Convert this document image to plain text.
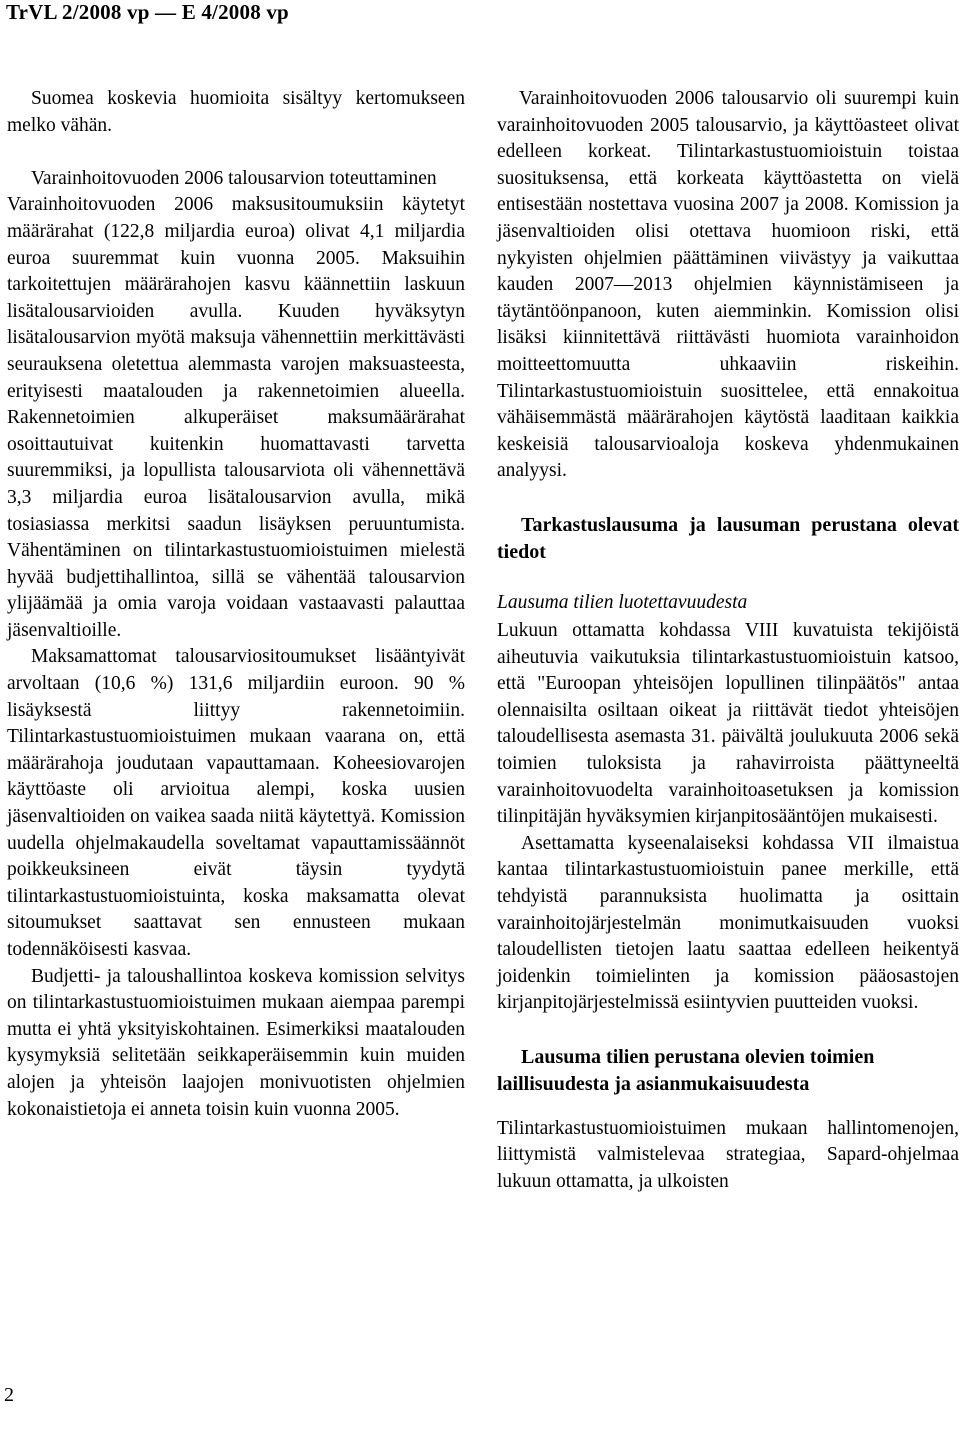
TrVL 2/2008 vp — E 4/2008 vp

Suomea koskevia huomioita sisältyy kertomukseen melko vähän.

Varainhoitovuoden 2006 talousarvion toteuttaminen

Varainhoitovuoden 2006 maksusitoumuksiin käytetyt määrärahat (122,8 miljardia euroa) olivat 4,1 miljardia euroa suuremmat kuin vuonna 2005. Maksuihin tarkoitettujen määrärahojen kasvu käännettiin laskuun lisätalousarvioiden avulla. Kuuden hyväksytyn lisätalousarvion myötä maksuja vähennettiin merkittävästi seurauksena oletettua alemmasta varojen maksuasteesta, erityisesti maatalouden ja rakennetoimien alueella. Rakennetoimien alkuperäiset maksumäärärahat osoittautuivat kuitenkin huomattavasti tarvetta suuremmiksi, ja lopullista talousarviota oli vähennettävä 3,3 miljardia euroa lisätalousarvion avulla, mikä tosiasiassa merkitsi saadun lisäyksen peruuntumista. Vähentäminen on tilintarkastustuomioistuimen mielestä hyvää budjettihallintoa, sillä se vähentää talousarvion ylijäämää ja omia varoja voidaan vastaavasti palauttaa jäsenvaltioille.

Maksamattomat talousarviositoumukset lisääntyivät arvoltaan (10,6 %) 131,6 miljardiin euroon. 90 % lisäyksestä liittyy rakennetoimiin. Tilintarkastustuomioistuimen mukaan vaarana on, että määrärahoja joudutaan vapauttamaan. Koheesiovarojen käyttöaste oli arvioitua alempi, koska uusien jäsenvaltioiden on vaikea saada niitä käytettyä. Komission uudella ohjelmakaudella soveltamat vapauttamissäännöt poikkeuksineen eivät täysin tyydytä tilintarkastustuomioistuinta, koska maksamatta olevat sitoumukset saattavat sen ennusteen mukaan todennäköisesti kasvaa.

Budjetti- ja taloushallintoa koskeva komission selvitys on tilintarkastustuomioistuimen mukaan aiempaa parempi mutta ei yhtä yksityiskohtainen. Esimerkiksi maatalouden kysymyksiä selitetään seikkaperäisemmin kuin muiden alojen ja yhteisön laajojen monivuotisten ohjelmien kokonaistietoja ei anneta toisin kuin vuonna 2005.

Varainhoitovuoden 2006 talousarvio oli suurempi kuin varainhoitovuoden 2005 talousarvio, ja käyttöasteet olivat edelleen korkeat. Tilintarkastustuomioistuin toistaa suosituksensa, että korkeata käyttöastetta on vielä entisestään nostettava vuosina 2007 ja 2008. Komission ja jäsenvaltioiden olisi otettava huomioon riski, että nykyisten ohjelmien päättäminen viivästyy ja vaikuttaa kauden 2007—2013 ohjelmien käynnistämiseen ja täytäntöönpanoon, kuten aiemminkin. Komission olisi lisäksi kiinnitettävä riittävästi huomiota varainhoidon moitteettomuutta uhkaaviin riskeihin. Tilintarkastustuomioistuin suosittelee, että ennakoitua vähäisemmästä määrärahojen käytöstä laaditaan kaikkia keskeisiä talousarvioaloja koskeva yhdenmukainen analyysi.

Tarkastuslausuma ja lausuman perustana olevat tiedot

Lausuma tilien luotettavuudesta

Lukuun ottamatta kohdassa VIII kuvatuista tekijöistä aiheutuvia vaikutuksia tilintarkastustuomioistuin katsoo, että "Euroopan yhteisöjen lopullinen tilinpäätös" antaa olennaisilta osiltaan oikeat ja riittävät tiedot yhteisöjen taloudellisesta asemasta 31. päivältä joulukuuta 2006 sekä toimien tuloksista ja rahavirroista päättyneeltä varainhoitovuodelta varainhoitoasetuksen ja komission tilinpitäjän hyväksymien kirjanpitosääntöjen mukaisesti.

Asettamatta kyseenalaiseksi kohdassa VII ilmaistua kantaa tilintarkastustuomioistuin panee merkille, että tehdyistä parannuksista huolimatta ja osittain varainhoitojärjestelmän monimutkaisuuden vuoksi taloudellisten tietojen laatu saattaa edelleen heikentyä joidenkin toimielinten ja komission pääosastojen kirjanpitojärjestelmissä esiintyvien puutteiden vuoksi.

Lausuma tilien perustana olevien toimien laillisuudesta ja asianmukaisuudesta

Tilintarkastustuomioistuimen mukaan hallintomenojen, liittymistä valmistelevaa strategiaa, Sapard-ohjelmaa lukuun ottamatta, ja ulkoisten

2
